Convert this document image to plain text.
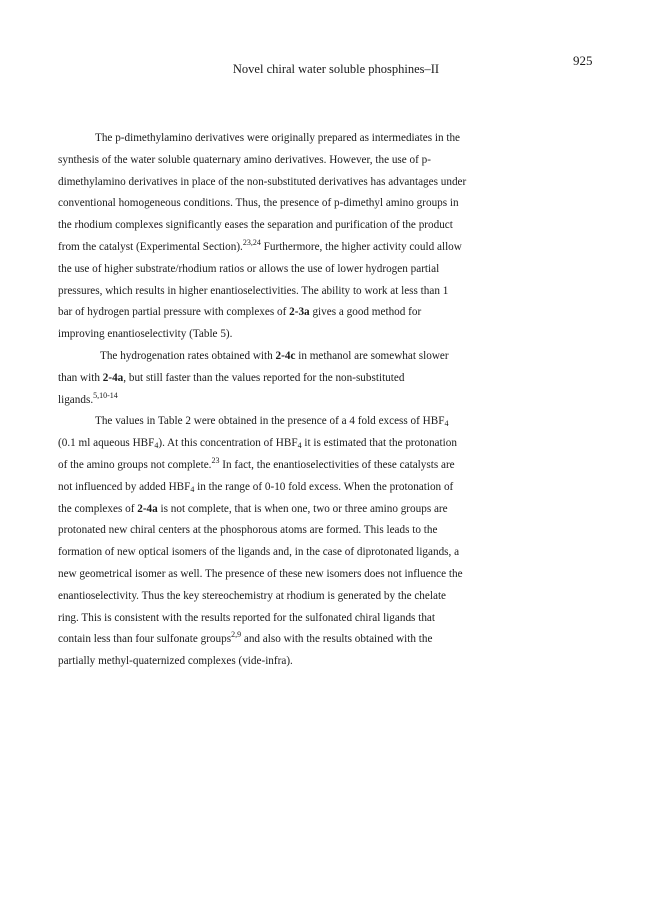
Novel chiral water soluble phosphines–II
925

The p-dimethylamino derivatives were originally prepared as intermediates in the
synthesis of the water soluble quaternary amino derivatives. However, the use of p-
dimethylamino derivatives in place of the non-substituted derivatives has advantages under
conventional homogeneous conditions. Thus, the presence of p-dimethyl amino groups in
the rhodium complexes significantly eases the separation and purification of the product
from the catalyst (Experimental Section).$^{23,24}$ Furthermore, the higher activity could allow
the use of higher substrate/rhodium ratios or allows the use of lower hydrogen partial
pressures, which results in higher enantioselectivities. The ability to work at less than 1
bar of hydrogen partial pressure with complexes of 2-3a gives a good method for
improving enantioselectivity (Table 5).

The hydrogenation rates obtained with 2-4c in methanol are somewhat slower
than with 2-4a, but still faster than the values reported for the non-substituted
ligands.$^{5,10-14}$

The values in Table 2 were obtained in the presence of a 4 fold excess of $HBF_4$
(0.1 ml aqueous $HBF_4$). At this concentration of $HBF_4$ it is estimated that the protonation
of the amino groups not complete.$^{23}$ In fact, the enantioselectivities of these catalysts are
not influenced by added $HBF_4$ in the range of 0-10 fold excess. When the protonation of
the complexes of 2-4a is not complete, that is when one, two or three amino groups are
protonated new chiral centers at the phosphorous atoms are formed. This leads to the
formation of new optical isomers of the ligands and, in the case of diprotonated ligands, a
new geometrical isomer as well. The presence of these new isomers does not influence the
enantioselectivity. Thus the key stereochemistry at rhodium is generated by the chelate
ring. This is consistent with the results reported for the sulfonated chiral ligands that
contain less than four sulfonate groups$^{2,9}$ and also with the results obtained with the
partially methyl-quaternized complexes (vide-infra).
